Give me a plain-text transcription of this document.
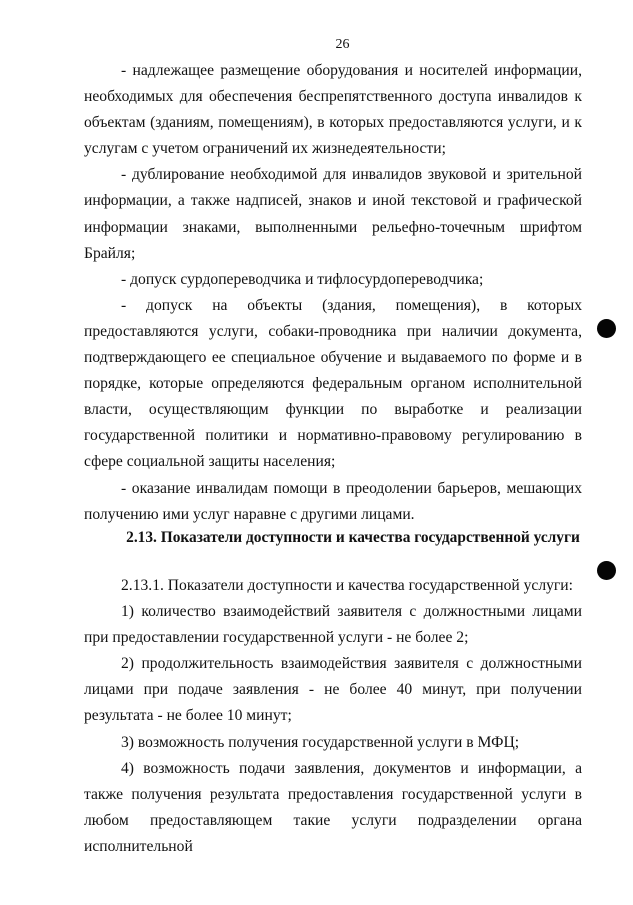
26

- надлежащее размещение оборудования и носителей информации, необходимых для обеспечения беспрепятственного доступа инвалидов к объектам (зданиям, помещениям), в которых предоставляются услуги, и к услугам с учетом ограничений их жизнедеятельности;

- дублирование необходимой для инвалидов звуковой и зрительной информации, а также надписей, знаков и иной текстовой и графической информации знаками, выполненными рельефно-точечным шрифтом Брайля;

- допуск сурдопереводчика и тифлосурдопереводчика;

- допуск на объекты (здания, помещения), в которых предоставляются услуги, собаки-проводника при наличии документа, подтверждающего ее специальное обучение и выдаваемого по форме и в порядке, которые определяются федеральным органом исполнительной власти, осуществляющим функции по выработке и реализации государственной политики и нормативно-правовому регулированию в сфере социальной защиты населения;

- оказание инвалидам помощи в преодолении барьеров, мешающих получению ими услуг наравне с другими лицами.

2.13. Показатели доступности и качества государственной услуги

2.13.1. Показатели доступности и качества государственной услуги:

1) количество взаимодействий заявителя с должностными лицами при предоставлении государственной услуги - не более 2;

2) продолжительность взаимодействия заявителя с должностными лицами при подаче заявления - не более 40 минут, при получении результата - не более 10 минут;

3) возможность получения государственной услуги в МФЦ;

4) возможность подачи заявления, документов и информации, а также получения результата предоставления государственной услуги в любом предоставляющем такие услуги подразделении органа исполнительной
